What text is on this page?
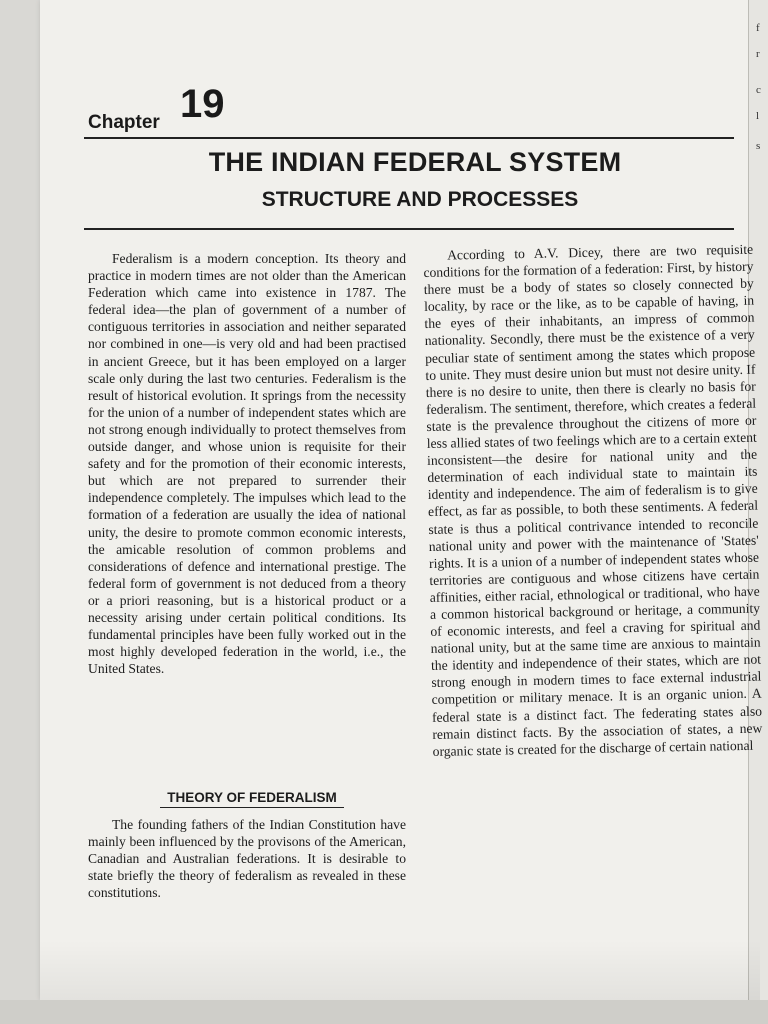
f
r
c
l
s
Chapter 19
THE INDIAN FEDERAL SYSTEM
STRUCTURE AND PROCESSES

Federalism is a modern conception. Its theory and practice in modern times are not older than the American Federation which came into existence in 1787. The federal idea—the plan of government of a number of contiguous territories in association and neither separated nor combined in one—is very old and had been practised in ancient Greece, but it has been employed on a larger scale only during the last two centuries. Federalism is the result of historical evolution. It springs from the necessity for the union of a number of independent states which are not strong enough individually to protect themselves from outside danger, and whose union is requisite for their safety and for the promotion of their economic interests, but which are not prepared to surrender their independence completely. The impulses which lead to the formation of a federation are usually the idea of national unity, the desire to promote common economic interests, the amicable resolution of common problems and considerations of defence and international prestige. The federal form of government is not deduced from a theory or a priori reasoning, but is a historical product or a necessity arising under certain political conditions. Its fundamental principles have been fully worked out in the most highly developed federation in the world, i.e., the United States.

THEORY OF FEDERALISM

The founding fathers of the Indian Constitution have mainly been influenced by the provisons of the American, Canadian and Australian federations. It is desirable to state briefly the theory of federalism as revealed in these constitutions.

According to A.V. Dicey, there are two requisite conditions for the formation of a federation: First, by history there must be a body of states so closely connected by locality, by race or the like, as to be capable of having, in the eyes of their inhabitants, an impress of common nationality. Secondly, there must be the existence of a very peculiar state of sentiment among the states which propose to unite. They must desire union but must not desire unity. If there is no desire to unite, then there is clearly no basis for federalism. The sentiment, therefore, which creates a federal state is the prevalence throughout the citizens of more or less allied states of two feelings which are to a certain extent inconsistent—the desire for national unity and the determination of each individual state to maintain its identity and independence. The aim of federalism is to give effect, as far as possible, to both these sentiments. A federal state is thus a political contrivance intended to reconcile national unity and power with the maintenance of 'States' rights. It is a union of a number of independent states whose territories are contiguous and whose citizens have certain affinities, either racial, ethnological or traditional, who have a common historical background or heritage, a community of economic interests, and feel a craving for spiritual and national unity, but at the same time are anxious to maintain the identity and independence of their states, which are not strong enough in modern times to face external industrial competition or military menace. It is an organic union. A federal state is a distinct fact. The federating states also remain distinct facts. By the association of states, a new organic state is created for the discharge of certain national
